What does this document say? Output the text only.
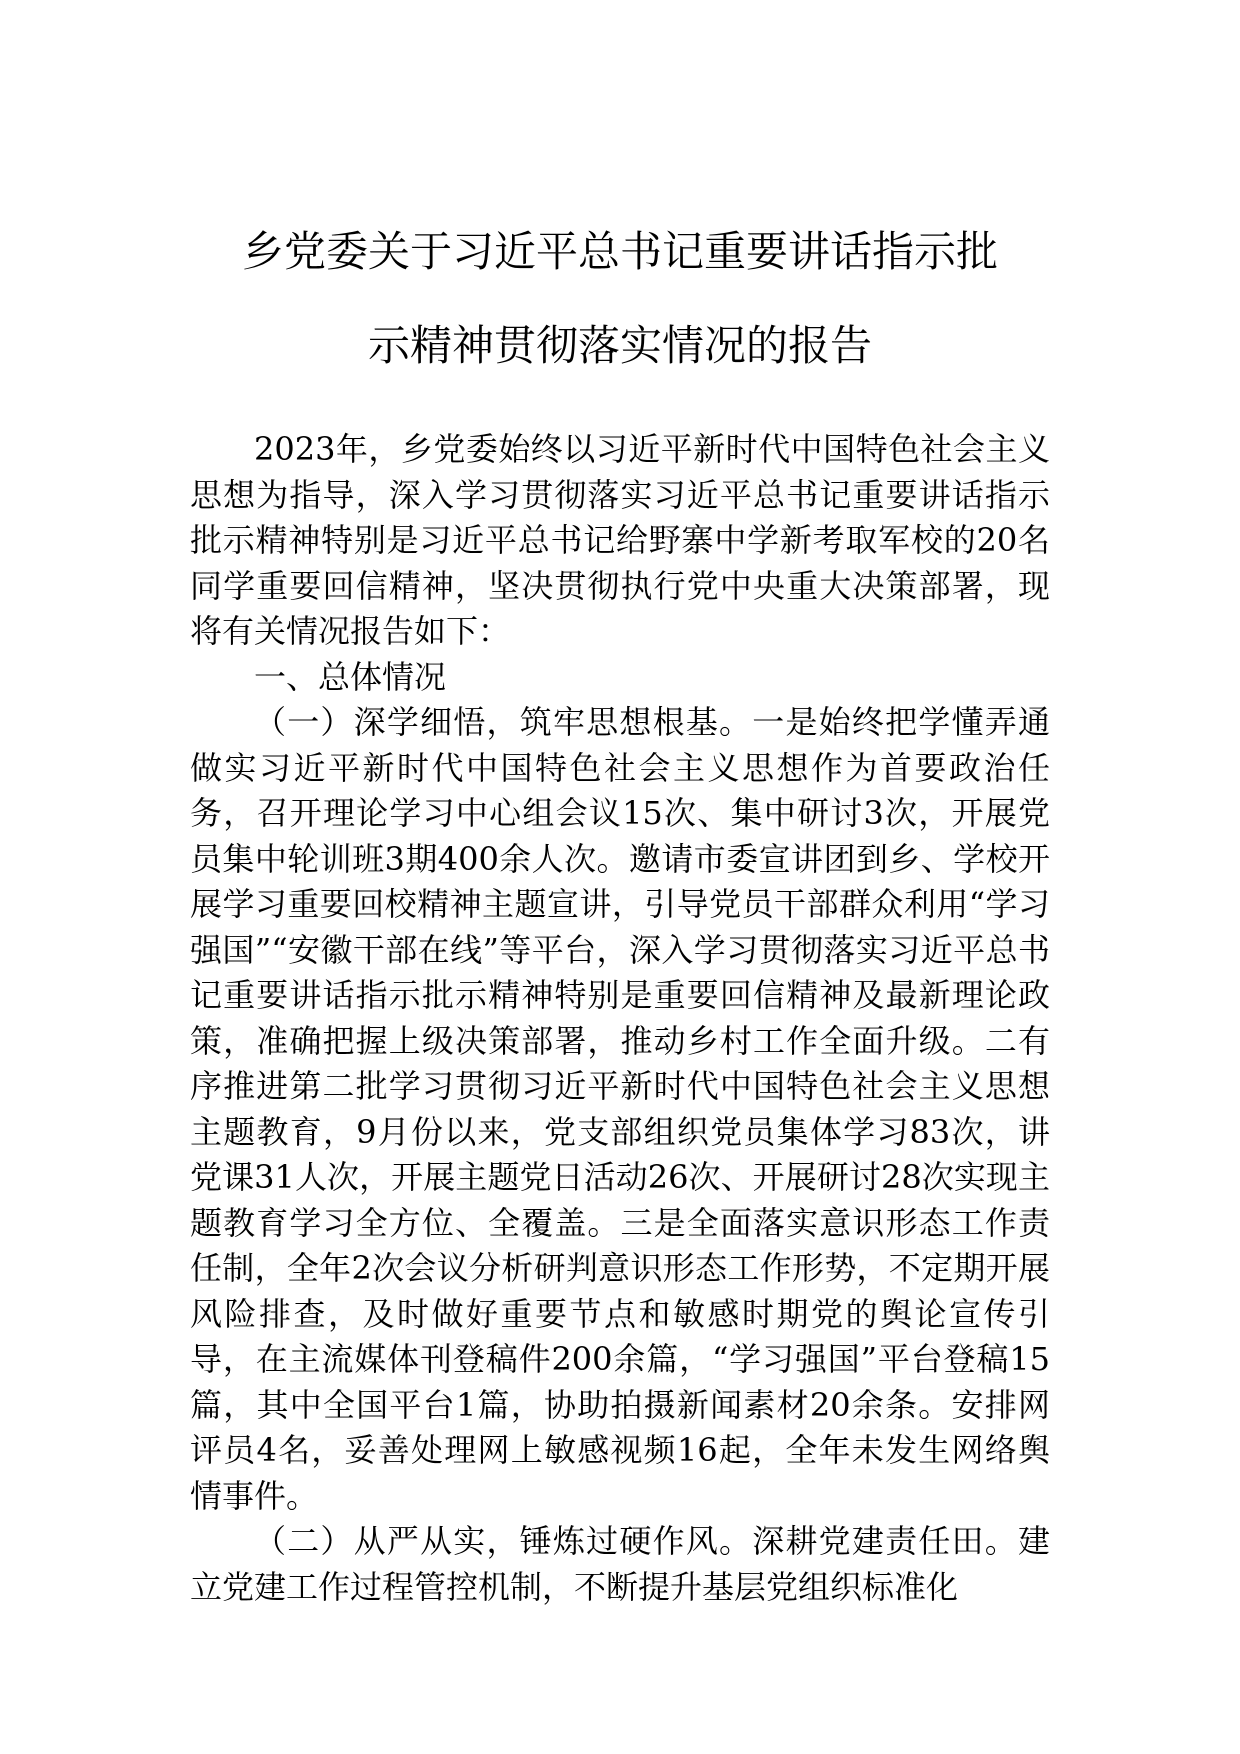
乡党委关于习近平总书记重要讲话指示批
示精神贯彻落实情况的报告

2023年，乡党委始终以习近平新时代中国特色社会主义思想为指导，深入学习贯彻落实习近平总书记重要讲话指示批示精神特别是习近平总书记给野寨中学新考取军校的20名同学重要回信精神，坚决贯彻执行党中央重大决策部署，现将有关情况报告如下：

一、总体情况

（一）深学细悟，筑牢思想根基。一是始终把学懂弄通做实习近平新时代中国特色社会主义思想作为首要政治任务，召开理论学习中心组会议15次、集中研讨3次，开展党员集中轮训班3期400余人次。邀请市委宣讲团到乡、学校开展学习重要回校精神主题宣讲，引导党员干部群众利用“学习强国”“安徽干部在线”等平台，深入学习贯彻落实习近平总书记重要讲话指示批示精神特别是重要回信精神及最新理论政策，准确把握上级决策部署，推动乡村工作全面升级。二有序推进第二批学习贯彻习近平新时代中国特色社会主义思想主题教育，9月份以来，党支部组织党员集体学习83次，讲党课31人次，开展主题党日活动26次、开展研讨28次实现主题教育学习全方位、全覆盖。三是全面落实意识形态工作责任制，全年2次会议分析研判意识形态工作形势，不定期开展风险排查，及时做好重要节点和敏感时期党的舆论宣传引导，在主流媒体刊登稿件200余篇，“学习强国”平台登稿15篇，其中全国平台1篇，协助拍摄新闻素材20余条。安排网评员4名，妥善处理网上敏感视频16起，全年未发生网络舆情事件。

（二）从严从实，锤炼过硬作风。深耕党建责任田。建立党建工作过程管控机制，不断提升基层党组织标准化
